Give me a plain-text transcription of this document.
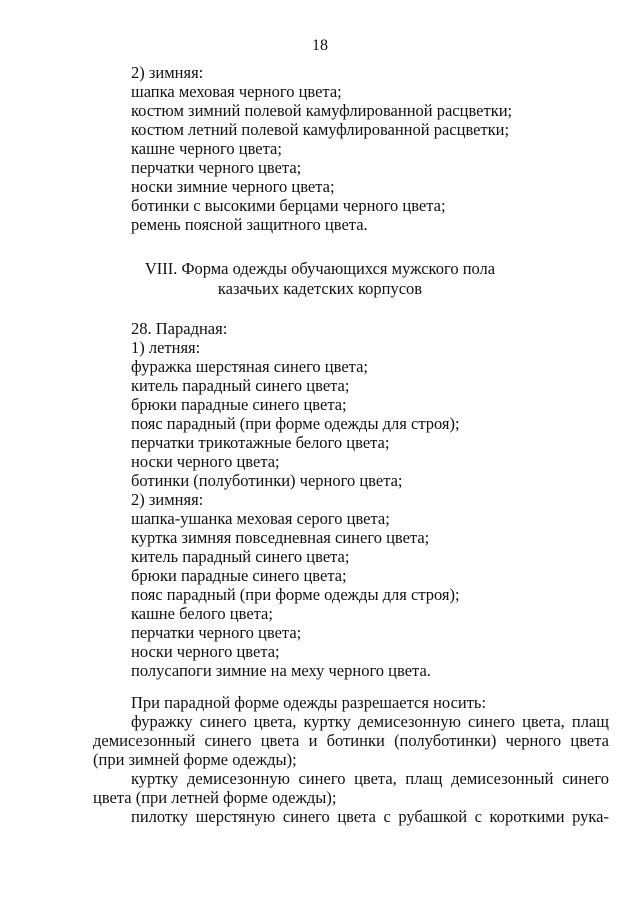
18
2) зимняя:
шапка меховая черного цвета;
костюм зимний полевой камуфлированной расцветки;
костюм летний полевой камуфлированной расцветки;
кашне черного цвета;
перчатки черного цвета;
носки зимние черного цвета;
ботинки с высокими берцами черного цвета;
ремень поясной защитного цвета.
VIII. Форма одежды обучающихся мужского пола
казачьих кадетских корпусов
28. Парадная:
1) летняя:
фуражка шерстяная синего цвета;
китель парадный синего цвета;
брюки парадные синего цвета;
пояс парадный (при форме одежды для строя);
перчатки трикотажные белого цвета;
носки черного цвета;
ботинки (полуботинки) черного цвета;
2) зимняя:
шапка-ушанка меховая серого цвета;
куртка зимняя повседневная синего цвета;
китель парадный синего цвета;
брюки парадные синего цвета;
пояс парадный (при форме одежды для строя);
кашне белого цвета;
перчатки черного цвета;
носки черного цвета;
полусапоги зимние на меху черного цвета.
При парадной форме одежды разрешается носить:
фуражку синего цвета, куртку демисезонную синего цвета, плащ
демисезонный синего цвета и ботинки (полуботинки) черного цвета
(при зимней форме одежды);
куртку демисезонную синего цвета, плащ демисезонный синего
цвета (при летней форме одежды);
пилотку шерстяную синего цвета с рубашкой с короткими рука-
